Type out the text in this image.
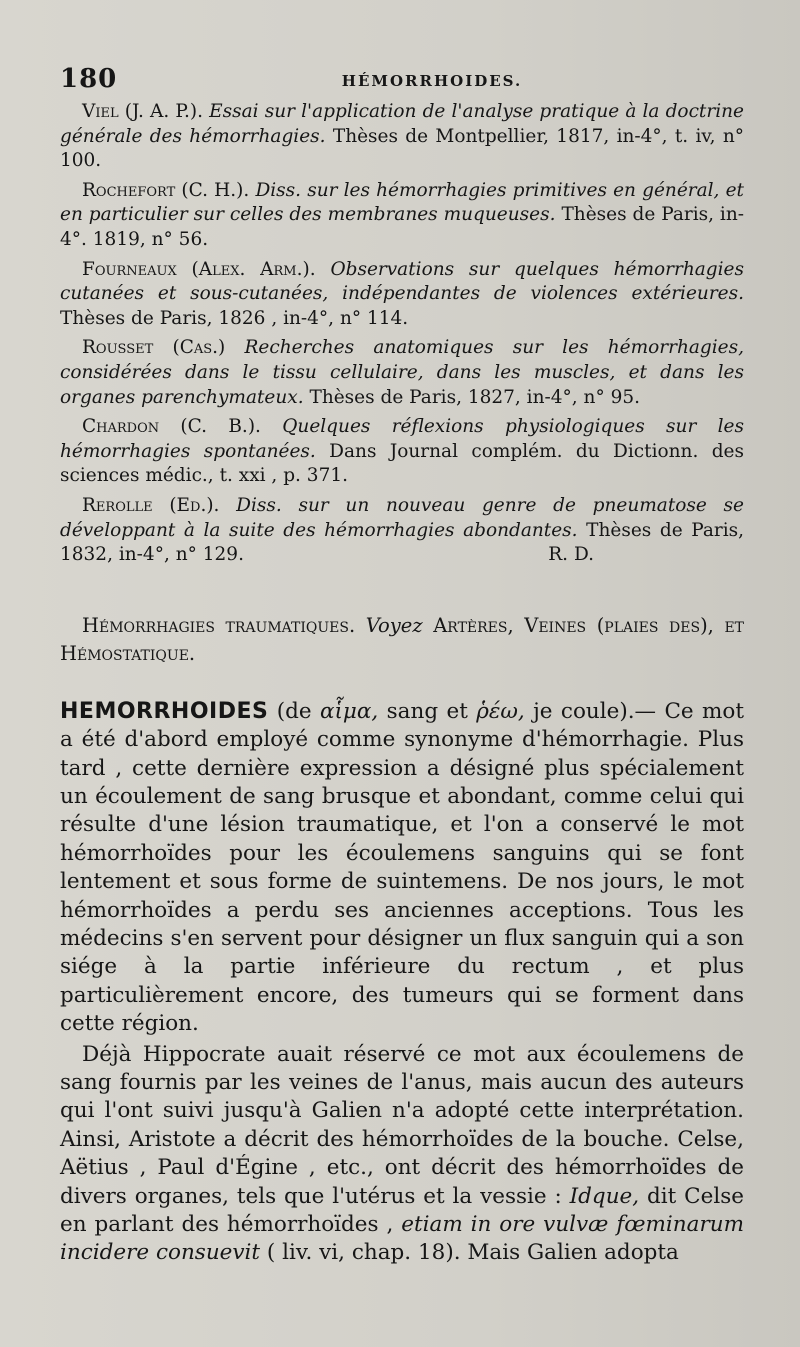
180	HÉMORRHOIDES.

Viel (J. A. P.). Essai sur l'application de l'analyse pratique à la doctrine générale des hémorrhagies. Thèses de Montpellier, 1817, in-4°, t. iv, n° 100.

Rochefort (C. H.). Diss. sur les hémorrhagies primitives en général, et en particulier sur celles des membranes muqueuses. Thèses de Paris, in-4°. 1819, n° 56.

Fourneaux (Alex. Arm.). Observations sur quelques hémorrhagies cutanées et sous-cutanées, indépendantes de violences extérieures. Thèses de Paris, 1826 , in-4°, n° 114.

Rousset (Cas.) Recherches anatomiques sur les hémorrhagies, considérées dans le tissu cellulaire, dans les muscles, et dans les organes parenchymateux. Thèses de Paris, 1827, in-4°, n° 95.

Chardon (C. B.). Quelques réflexions physiologiques sur les hémorrhagies spontanées. Dans Journal complém. du Dictionn. des sciences médic., t. xxi , p. 371.

Rerolle (Ed.). Diss. sur un nouveau genre de pneumatose se développant à la suite des hémorrhagies abondantes. Thèses de Paris, 1832, in-4°, n° 129.	R. D.

Hémorrhagies traumatiques. Voyez Artères, Veines (plaies des), et Hémostatique.

HEMORRHOIDES (de αἷμα, sang et ῥέω, je coule).— Ce mot a été d'abord employé comme synonyme d'hémorrhagie. Plus tard , cette dernière expression a désigné plus spécialement un écoulement de sang brusque et abondant, comme celui qui résulte d'une lésion traumatique, et l'on a conservé le mot hémorrhoïdes pour les écoulemens sanguins qui se font lentement et sous forme de suintemens. De nos jours, le mot hémorrhoïdes a perdu ses anciennes acceptions. Tous les médecins s'en servent pour désigner un flux sanguin qui a son siége à la partie inférieure du rectum , et plus particulièrement encore, des tumeurs qui se forment dans cette région.

Déjà Hippocrate auait réservé ce mot aux écoulemens de sang fournis par les veines de l'anus, mais aucun des auteurs qui l'ont suivi jusqu'à Galien n'a adopté cette interprétation. Ainsi, Aristote a décrit des hémorrhoïdes de la bouche. Celse, Aëtius , Paul d'Égine , etc., ont décrit des hémorrhoïdes de divers organes, tels que l'utérus et la vessie : Idque, dit Celse en parlant des hémorrhoïdes , etiam in ore vulvæ fœminarum incidere consuevit ( liv. vi, chap. 18). Mais Galien adopta
